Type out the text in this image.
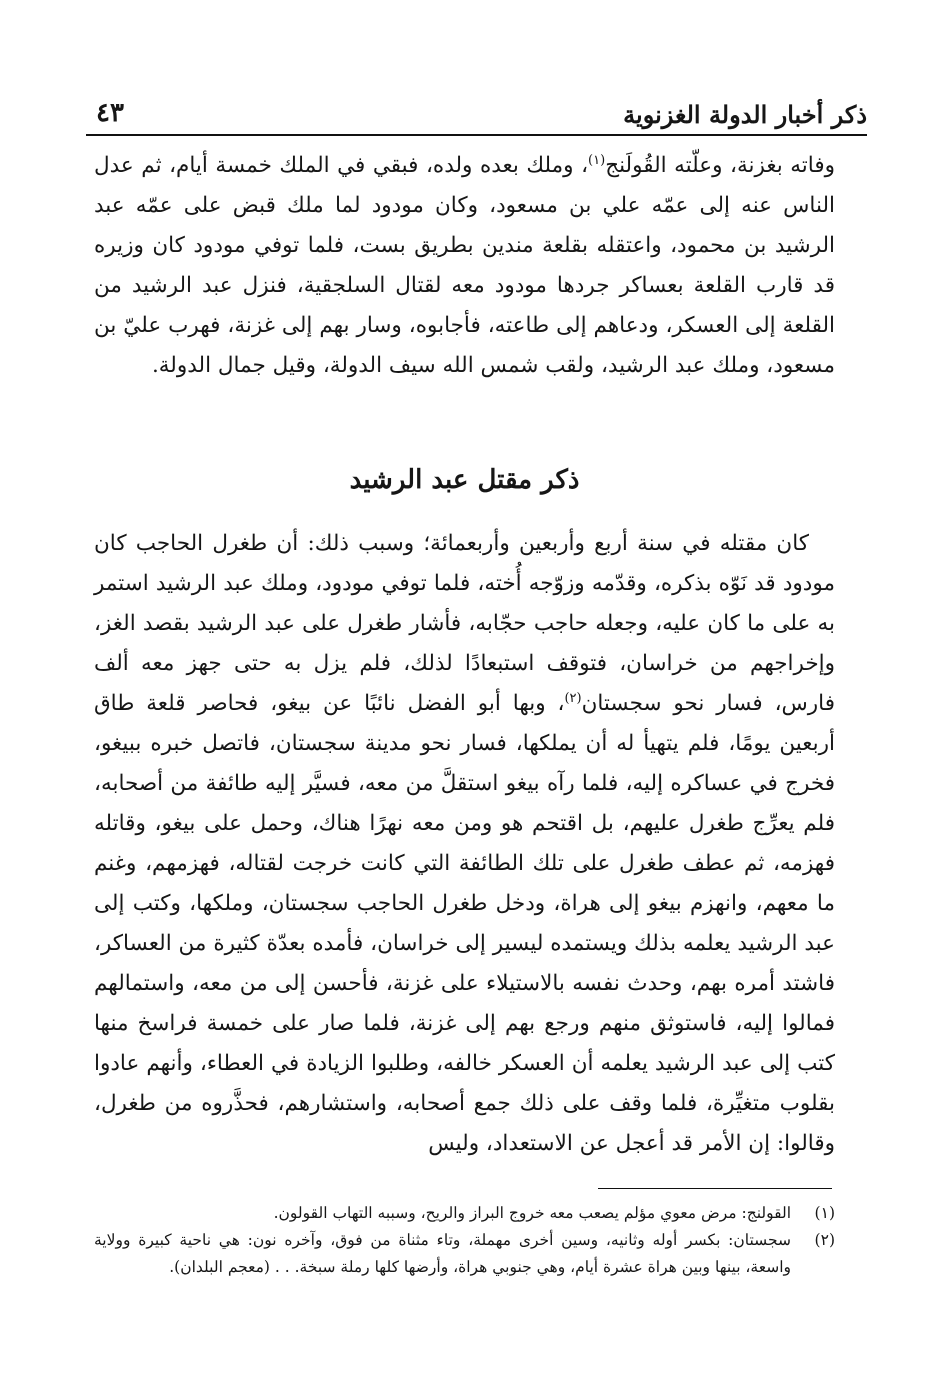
ذكر أخبار الدولة الغزنوية
٤٣

وفاته بغزنة، وعلّته القُولَنج$^{(١)}$، وملك بعده ولده، فبقي في الملك خمسة أيام، ثم عدل الناس عنه إلى عمّه علي بن مسعود، وكان مودود لما ملك قبض على عمّه عبد الرشيد بن محمود، واعتقله بقلعة مندين بطريق بست، فلما توفي مودود كان وزيره قد قارب القلعة بعساكر جردها مودود معه لقتال السلجقية، فنزل عبد الرشيد من القلعة إلى العسكر، ودعاهم إلى طاعته، فأجابوه، وسار بهم إلى غزنة، فهرب عليّ بن مسعود، وملك عبد الرشيد، ولقب شمس الله سيف الدولة، وقيل جمال الدولة.

ذكر مقتل عبد الرشيد

كان مقتله في سنة أربع وأربعين وأربعمائة؛ وسبب ذلك: أن طغرل الحاجب كان مودود قد نَوّه بذكره، وقدّمه وزوّجه أُخته، فلما توفي مودود، وملك عبد الرشيد استمر به على ما كان عليه، وجعله حاجب حجّابه، فأشار طغرل على عبد الرشيد بقصد الغز، وإخراجهم من خراسان، فتوقف استبعادًا لذلك، فلم يزل به حتى جهز معه ألف فارس، فسار نحو سجستان$^{(٢)}$، وبها أبو الفضل نائبًا عن بيغو، فحاصر قلعة طاق أربعين يومًا، فلم يتهيأ له أن يملكها، فسار نحو مدينة سجستان، فاتصل خبره ببيغو، فخرج في عساكره إليه، فلما رآه بيغو استقلَّ من معه، فسيَّر إليه طائفة من أصحابه، فلم يعرِّج طغرل عليهم، بل اقتحم هو ومن معه نهرًا هناك، وحمل على بيغو، وقاتله فهزمه، ثم عطف طغرل على تلك الطائفة التي كانت خرجت لقتاله، فهزمهم، وغنم ما معهم، وانهزم بيغو إلى هراة، ودخل طغرل الحاجب سجستان، وملكها، وكتب إلى عبد الرشيد يعلمه بذلك ويستمده ليسير إلى خراسان، فأمده بعدّة كثيرة من العساكر، فاشتد أمره بهم، وحدث نفسه بالاستيلاء على غزنة، فأحسن إلى من معه، واستمالهم فمالوا إليه، فاستوثق منهم ورجع بهم إلى غزنة، فلما صار على خمسة فراسخ منها كتب إلى عبد الرشيد يعلمه أن العسكر خالفه، وطلبوا الزيادة في العطاء، وأنهم عادوا بقلوب متغيِّرة، فلما وقف على ذلك جمع أصحابه، واستشارهم، فحذَّروه من طغرل، وقالوا: إن الأمر قد أعجل عن الاستعداد، وليس

(١)
القولنج: مرض معوي مؤلم يصعب معه خروج البراز والريح، وسببه التهاب القولون.

(٢)
سجستان: بكسر أوله وثانيه، وسين أخرى مهملة، وتاء مثناة من فوق، وآخره نون: هي ناحية كبيرة وولاية واسعة، بينها وبين هراة عشرة أيام، وهي جنوبي هراة، وأرضها كلها رملة سبخة. . . (معجم البلدان).
